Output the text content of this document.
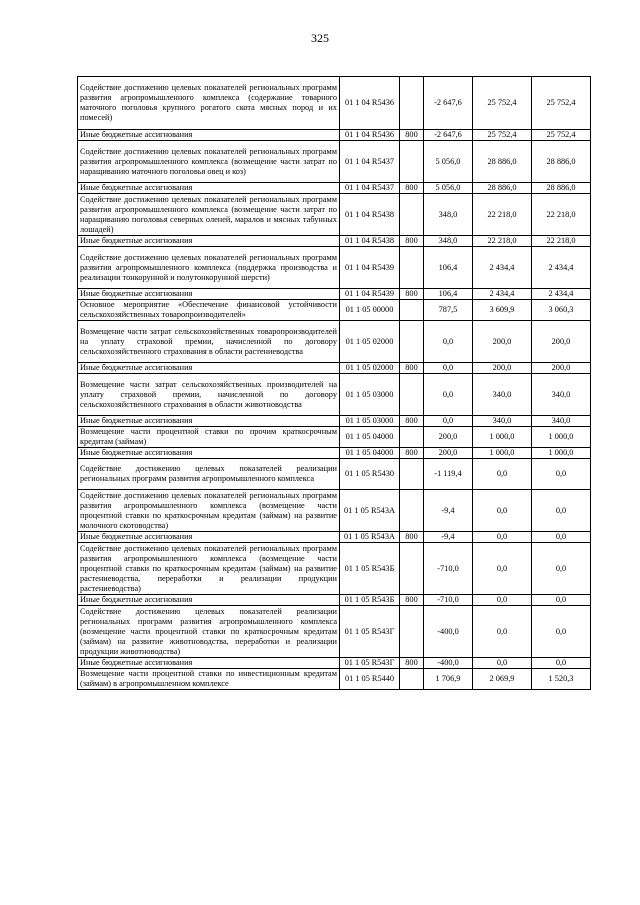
325
Содействие достижению целевых показателей региональных программ развития агропромышленного комплекса (содержание товарного маточного поголовья крупного рогатого скота мясных пород и их помесей)	01 1 04 R5436		-2 647,6	25 752,4	25 752,4
Иные бюджетные ассигнования	01 1 04 R5436	800	-2 647,6	25 752,4	25 752,4
Содействие достижению целевых показателей региональных программ развития агропромышленного комплекса (возмещение части затрат по наращиванию маточного поголовья овец и коз)	01 1 04 R5437		5 056,0	28 886,0	28 886,0
Иные бюджетные ассигнования	01 1 04 R5437	800	5 056,0	28 886,0	28 886,0
Содействие достижению целевых показателей региональных программ развития агропромышленного комплекса (возмещение части затрат по наращиванию поголовья северных оленей, маралов и мясных табунных лошадей)	01 1 04 R5438		348,0	22 218,0	22 218,0
Иные бюджетные ассигнования	01 1 04 R5438	800	348,0	22 218,0	22 218,0
Содействие достижению целевых показателей региональных программ развития агропромышленного комплекса (поддержка производства и реализации тонкорунной и полутонкорунной шерсти)	01 1 04 R5439		106,4	2 434,4	2 434,4
Иные бюджетные ассигнования	01 1 04 R5439	800	106,4	2 434,4	2 434,4
Основное мероприятие «Обеспечение финансовой устойчивости сельскохозяйственных товаропроизводителей»	01 1 05 00000		787,5	3 609,9	3 060,3
Возмещение части затрат сельскохозяйственных товаропроизводителей на уплату страховой премии, начисленной по договору сельскохозяйственного страхования в области растениеводства	01 1 05 02000		0,0	200,0	200,0
Иные бюджетные ассигнования	01 1 05 02000	800	0,0	200,0	200,0
Возмещение части затрат сельскохозяйственных производителей на уплату страховой премии, начисленной по договору сельскохозяйственного страхования в области животноводства	01 1 05 03000		0,0	340,0	340,0
Иные бюджетные ассигнования	01 1 05 03000	800	0,0	340,0	340,0
Возмещение части процентной ставки по прочим краткосрочным кредитам (займам)	01 1 05 04000		200,0	1 000,0	1 000,0
Иные бюджетные ассигнования	01 1 05 04000	800	200,0	1 000,0	1 000,0
Содействие достижению целевых показателей реализации региональных программ развития агропромышленного комплекса	01 1 05 R5430		-1 119,4	0,0	0,0
Содействие достижению целевых показателей региональных программ развития агропромышленного комплекса (возмещение части процентной ставки по краткосрочным кредитам (займам) на развитие молочного скотоводства)	01 1 05 R543А		-9,4	0,0	0,0
Иные бюджетные ассигнования	01 1 05 R543А	800	-9,4	0,0	0,0
Содействие достижению целевых показателей региональных программ развития агропромышленного комплекса (возмещение части процентной ставки по краткосрочным кредитам (займам) на развитие растениеводства, переработки и реализации продукции растениеводства)	01 1 05 R543Б		-710,0	0,0	0,0
Иные бюджетные ассигнования	01 1 05 R543Б	800	-710,0	0,0	0,0
Содействие достижению целевых показателей реализации региональных программ развития агропромышленного комплекса (возмещение части процентной ставки по краткосрочным кредитам (займам) на развитие животноводства, переработки и реализации продукции животноводства)	01 1 05 R543Г		-400,0	0,0	0,0
Иные бюджетные ассигнования	01 1 05 R543Г	800	-400,0	0,0	0,0
Возмещение части процентной ставки по инвестиционным кредитам (займам) в агропромышленном комплексе	01 1 05 R5440		1 706,9	2 069,9	1 520,3
